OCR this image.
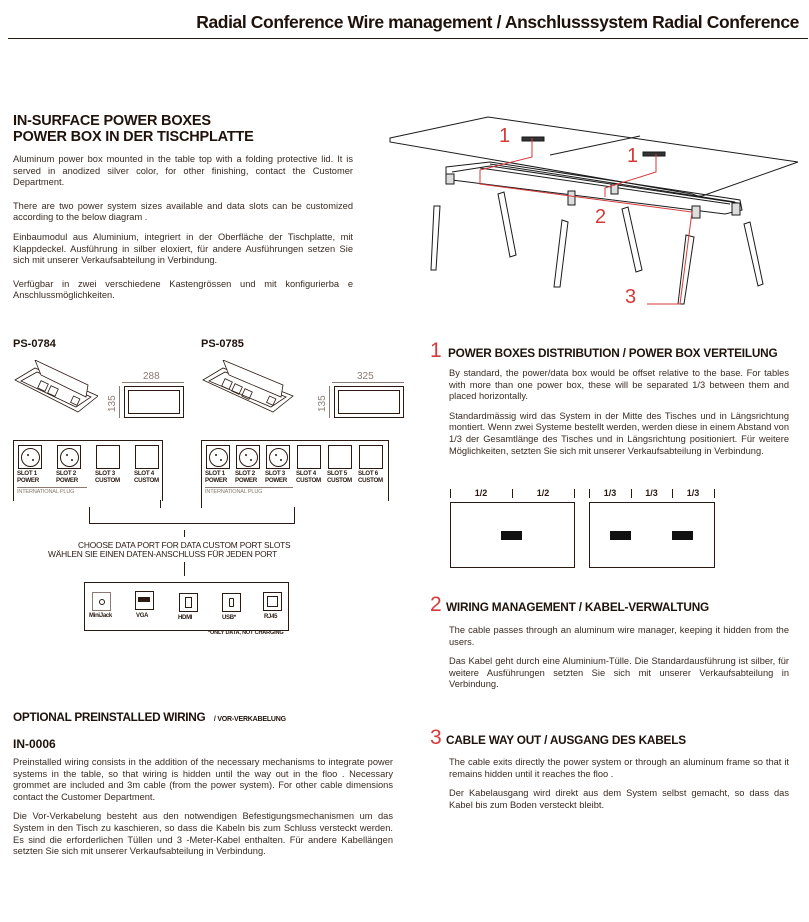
Radial Conference Wire management / Anschlusssystem Radial Conference
IN-SURFACE POWER BOXES
POWER BOX IN DER TISCHPLATTE

Aluminum power box mounted in the table top with a folding protective lid. It is served in anodized silver color, for other finishing, contact the Customer Department.

There are two power system sizes available and data slots can be customized according to the below diagram .

Einbaumodul aus Aluminium, integriert in der Oberfläche der Tischplatte, mit Klappdeckel. Ausführung in silber eloxiert, für andere Ausführungen setzen Sie sich mit unserer Verkaufsabteilung in Verbindung.

Verfügbar in zwei verschiedene Kastengrössen und mit konfigurierba e Anschlussmöglichkeiten.

1
1
2
3
PS-0784
288
135
SLOT 1
POWER
SLOT 2
POWER
SLOT 3
CUSTOM
SLOT 4
CUSTOM
INTERNATIONAL PLUG
PS-0785
325
135
SLOT 1
POWER
SLOT 2
POWER
SLOT 3
POWER
SLOT 4
CUSTOM
SLOT 5
CUSTOM
SLOT 6
CUSTOM
INTERNATIONAL PLUG
CHOOSE DATA PORT FOR DATA CUSTOM PORT SLOTS
WÄHLEN SIE EINEN DATEN-ANSCHLUSS FÜR JEDEN PORT
MiniJack	VGA	HDMI	USB*	RJ45
*ONLY DATA, NOT CHARGING
OPTIONAL PREINSTALLED WIRING / VOR-VERKABELUNG
IN-0006

Preinstalled wiring consists in the addition of the necessary mechanisms to integrate power systems in the table, so that wiring is hidden until the way out in the floo . Necessary grommet are included and 3m cable (from the power system). For other cable dimensions contact the Customer Department.

Die Vor-Verkabelung besteht aus den notwendigen Befestigungsmechanismen um das System in den Tisch zu kaschieren, so dass die Kabeln bis zum Schluss versteckt werden. Es sind die erforderlichen Tüllen und 3 -Meter-Kabel enthalten. Für andere Kabellängen setzten Sie sich mit unserer Verkaufsabteilung in Verbindung.

1 POWER BOXES DISTRIBUTION / POWER BOX VERTEILUNG

By standard, the power/data box would be offset relative to the base. For tables with more than one power box, these will be separated 1/3 between them and placed horizontally.

Standardmässig wird das System in der Mitte des Tisches und in Längsrichtung montiert. Wenn zwei Systeme bestellt werden, werden diese in einem Abstand von 1/3 der Gesamtlänge des Tisches und in Längsrichtung positioniert. Für weitere Möglichkeiten, setzten Sie sich mit unserer Verkaufsabteilung in Verbindung.

1/2	1/2	1/3	1/3	1/3
2 WIRING MANAGEMENT / KABEL-VERWALTUNG

The cable passes through an aluminum wire manager, keeping it hidden from the users.

Das Kabel geht durch eine Aluminium-Tülle. Die Standardausführung ist silber, für weitere Ausführungen setzten Sie sich mit unserer Verkaufsabteilung in Verbindung.

3 CABLE WAY OUT / AUSGANG DES KABELS

The cable exits directly the power system or through an aluminum frame so that it remains hidden until it reaches the floo .

Der Kabelausgang wird direkt aus dem System selbst gemacht, so dass das Kabel bis zum Boden versteckt bleibt.
